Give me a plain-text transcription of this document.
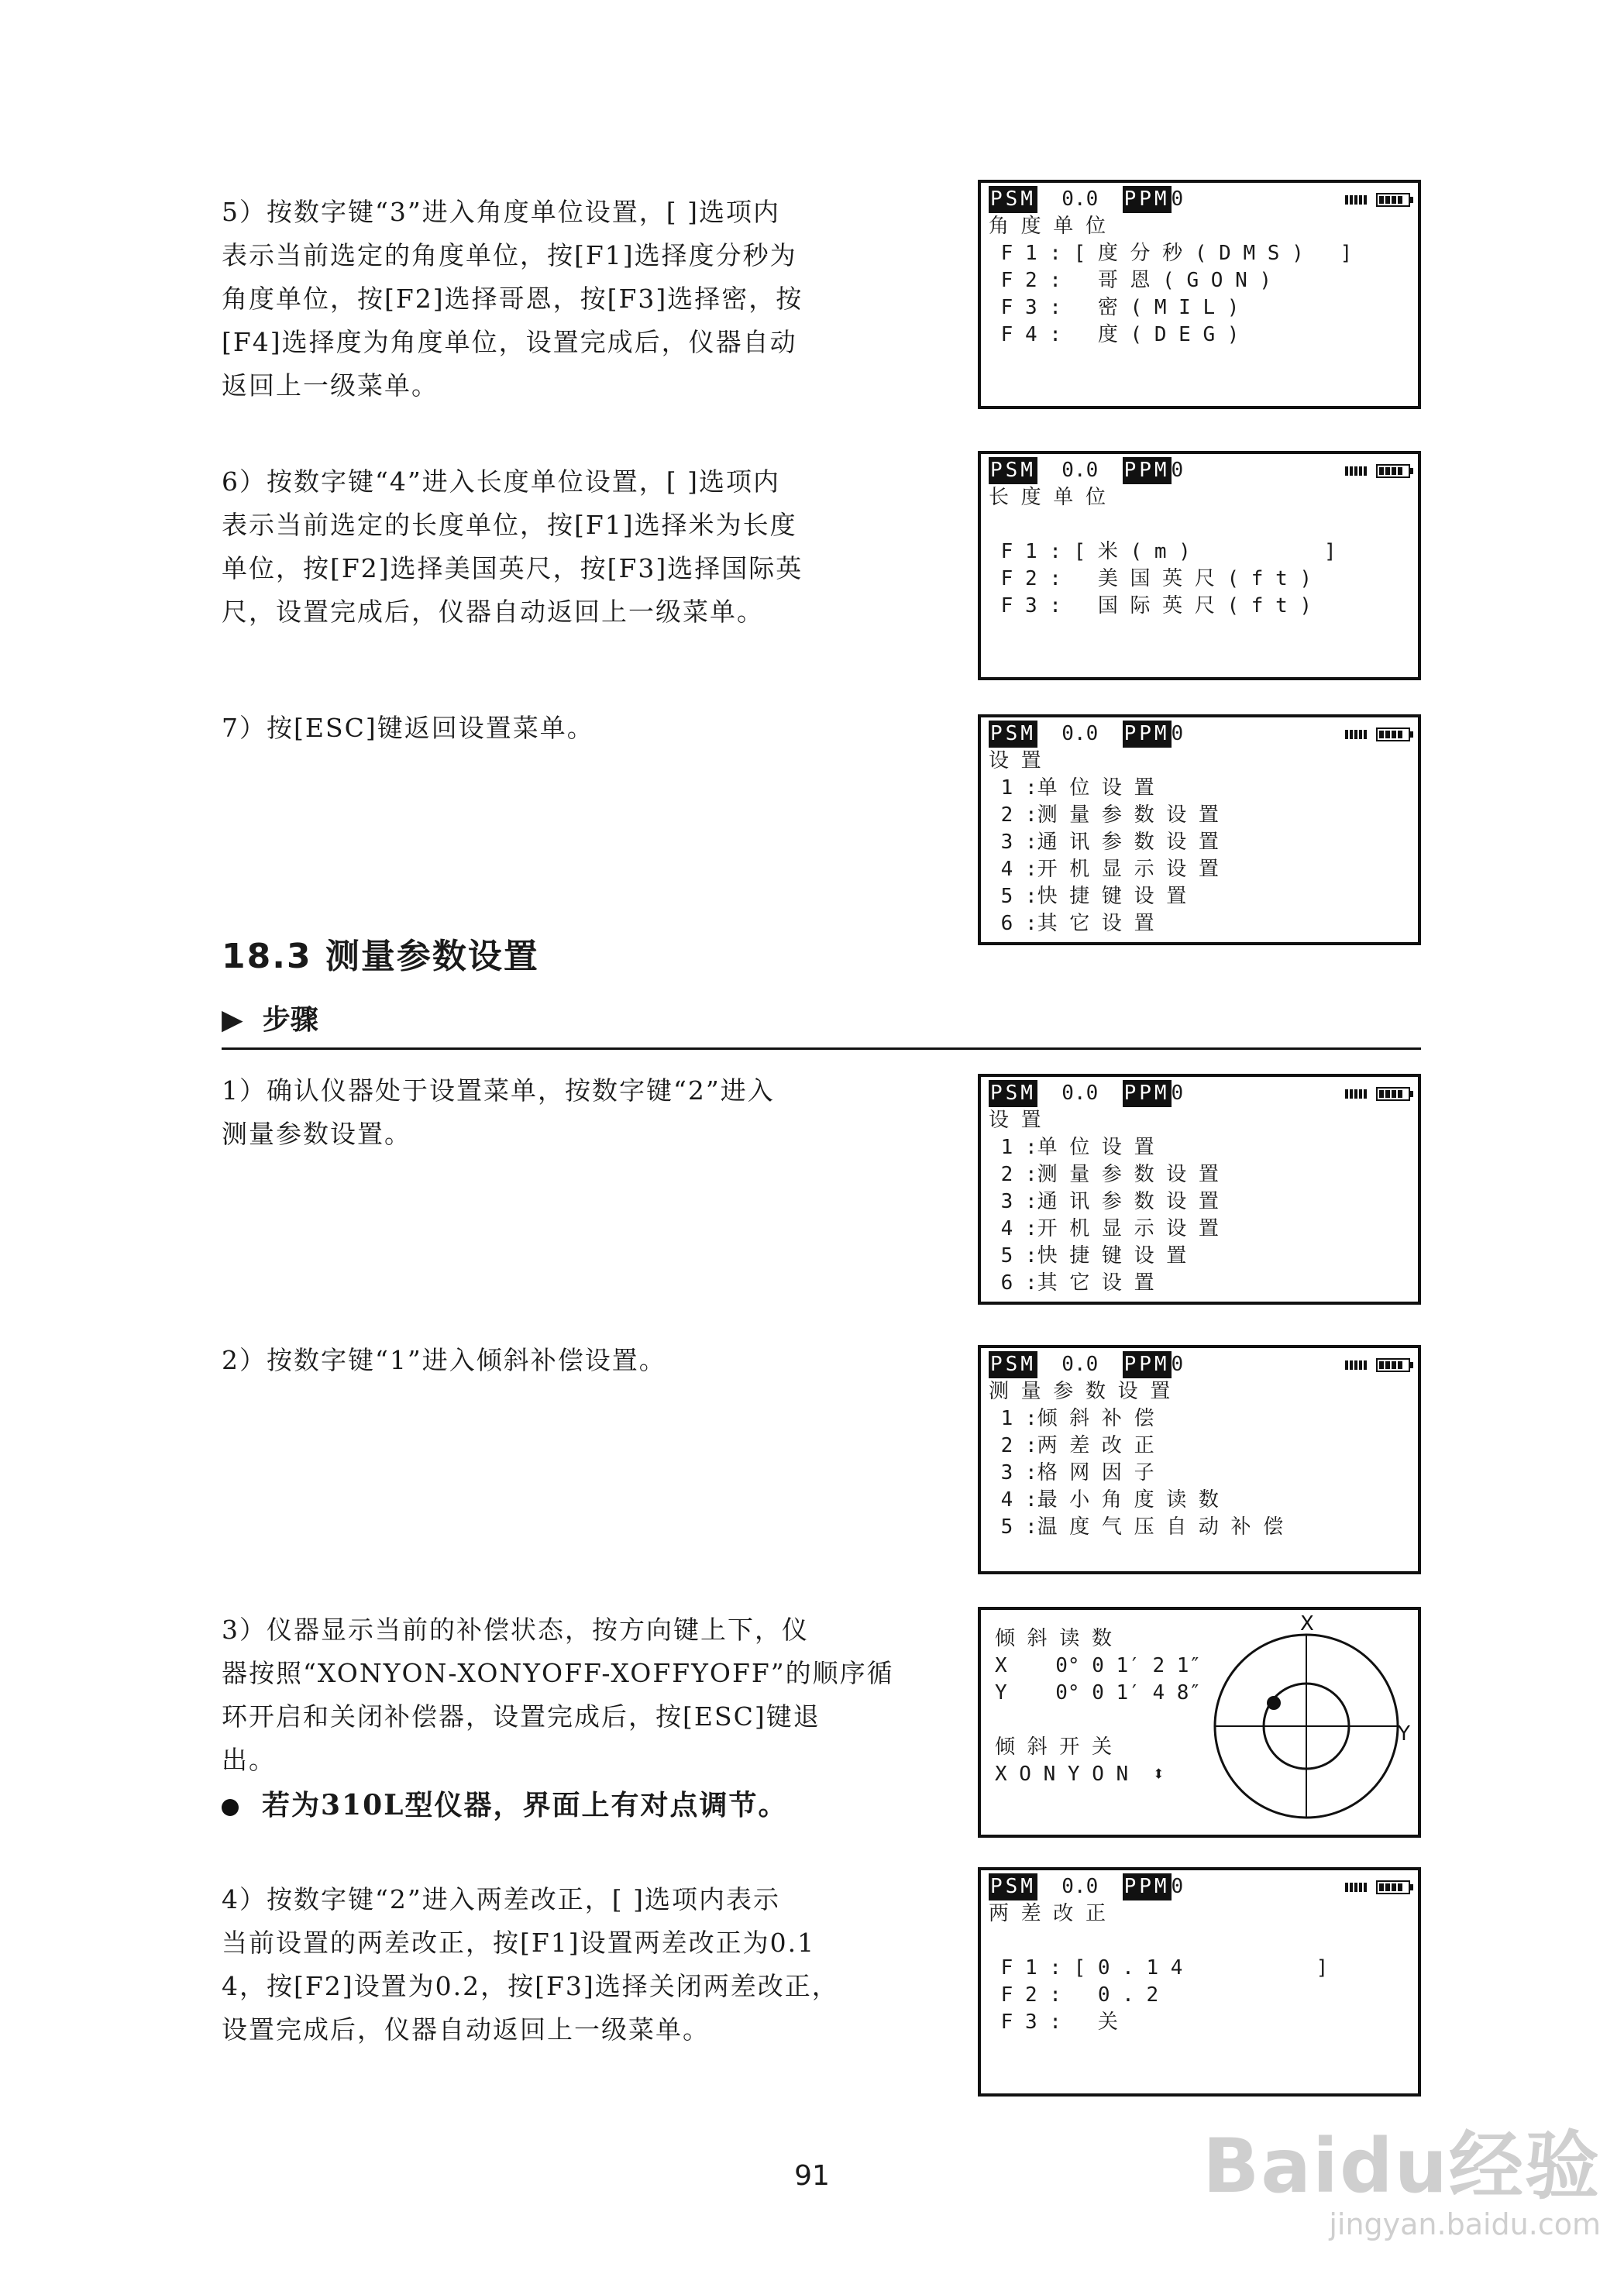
5）按数字键“3”进入角度单位设置，[ ]选项内
表示当前选定的角度单位，按[F1]选择度分秒为
角度单位，按[F2]选择哥恩，按[F3]选择密，按
[F4]选择度为角度单位，设置完成后，仪器自动
返回上一级菜单。
PSM
0.0
PPM 0
角 度 单 位
F 1 : [ 度 分 秒 ( D M S )   ]
F 2 :   哥 恩 ( G O N )
F 3 :   密 ( M I L )
F 4 :   度 ( D E G )
6）按数字键“4”进入长度单位设置，[ ]选项内
表示当前选定的长度单位，按[F1]选择米为长度
单位，按[F2]选择美国英尺，按[F3]选择国际英
尺，设置完成后，仪器自动返回上一级菜单。
PSM
0.0
PPM 0
长 度 单 位
F 1 : [ 米 ( m )           ]
F 2 :   美 国 英 尺 ( f t )
F 3 :   国 际 英 尺 ( f t )
7）按[ESC]键返回设置菜单。	PSM
0.0
PPM 0
设 置
1 :单 位 设 置
2 :测 量 参 数 设 置
3 :通 讯 参 数 设 置
4 :开 机 显 示 设 置
5 :快 捷 键 设 置
6 :其 它 设 置
18.3 测量参数设置
▶ 步骤
1）确认仪器处于设置菜单，按数字键“2”进入
测量参数设置。
PSM
0.0
PPM 0
设 置
1 :单 位 设 置
2 :测 量 参 数 设 置
3 :通 讯 参 数 设 置
4 :开 机 显 示 设 置
5 :快 捷 键 设 置
6 :其 它 设 置
2）按数字键“1”进入倾斜补偿设置。	PSM
0.0
PPM 0
测 量 参 数 设 置
1 :倾 斜 补 偿
2 :两 差 改 正
3 :格 网 因 子
4 :最 小 角 度 读 数
5 :温 度 气 压 自 动 补 偿
3）仪器显示当前的补偿状态，按方向键上下，仪
器按照“XONYON-XONYOFF-XOFFYOFF”的顺序循
环开启和关闭补偿器，设置完成后，按[ESC]键退
出。
倾 斜 读 数
X    0° 0 1′ 2 1″
Y    0° 0 1′ 4 8″
倾 斜 开 关
X O N Y O N ⬍
X
Y
若为310L型仪器，界面上有对点调节。
4）按数字键“2”进入两差改正，[ ]选项内表示
当前设置的两差改正，按[F1]设置两差改正为0.1
4，按[F2]设置为0.2，按[F3]选择关闭两差改正，
设置完成后，仪器自动返回上一级菜单。
PSM
0.0
PPM 0
两 差 改 正
F 1 : [ 0 . 1 4           ]
F 2 :   0 . 2
F 3 :   关
91	Baidu经验
jingyan.baidu.com
